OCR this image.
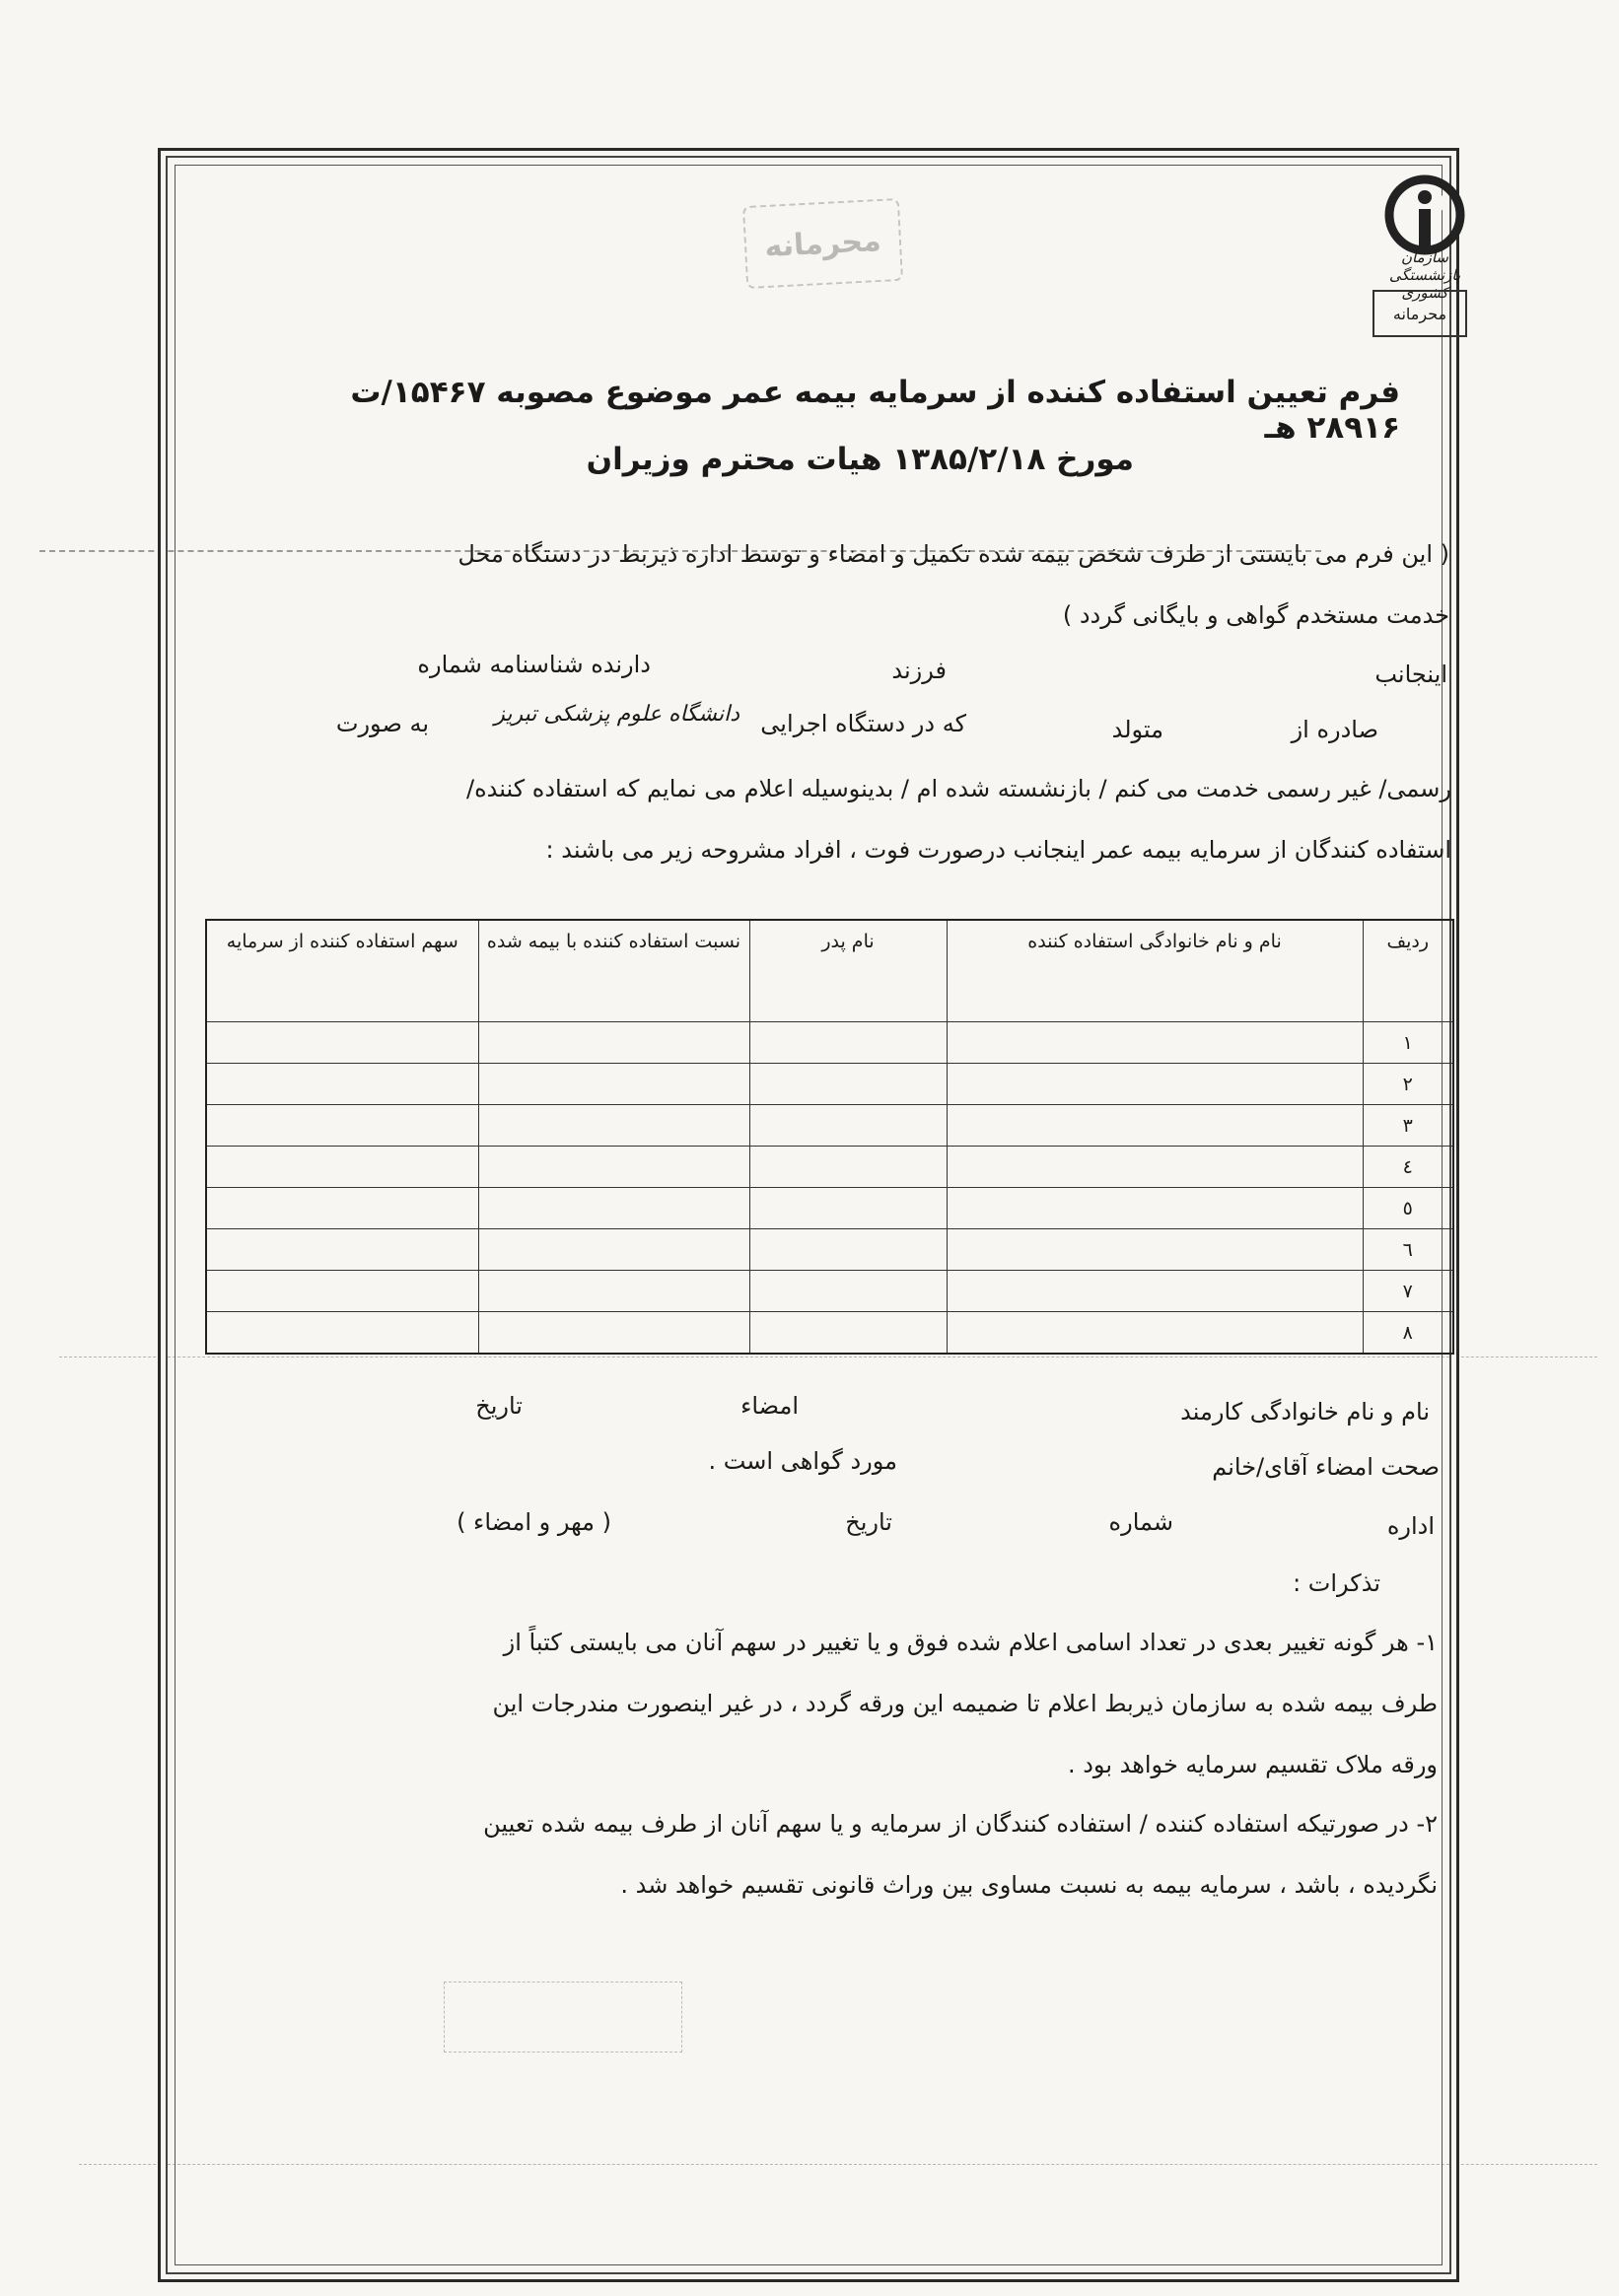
سازمان بازنشستگی کشوری
محرمانه
محرمانه
فرم تعیین استفاده کننده از سرمایه بیمه عمر موضوع مصوبه ۱۵۴۶۷/ت ۲۸۹۱۶ هـ
مورخ ۱۳۸۵/۲/۱۸ هیات محترم وزیران
( این فرم می بایستی از طرف شخص بیمه شده تکمیل و امضاء و توسط اداره ذیربط در دستگاه محل
خدمت مستخدم گواهی و بایگانی گردد )
اینجانب
فرزند
دارنده شناسنامه شماره
صادره از
متولد
که در دستگاه اجرایی
دانشگاه علوم پزشکی تبریز
به صورت
رسمی/ غیر رسمی خدمت می کنم / بازنشسته شده ام / بدینوسیله اعلام می نمایم که استفاده کننده/
استفاده کنندگان از سرمایه بیمه عمر اینجانب درصورت فوت ، افراد مشروحه زیر می باشند :
ردیف	نام و نام خانوادگی استفاده کننده	نام پدر	نسبت استفاده کننده با بیمه شده	سهم استفاده کننده از سرمایه
۱				
۲				
۳				
٤				
٥				
٦				
۷				
۸				
نام و نام خانوادگی کارمند
امضاء
تاریخ
صحت امضاء آقای/خانم
مورد گواهی است .
اداره
شماره
تاریخ
( مهر و امضاء )
تذکرات :
۱- هر گونه تغییر بعدی در تعداد اسامی اعلام شده فوق و یا تغییر در سهم آنان می بایستی کتباً از
طرف بیمه شده به سازمان ذیربط اعلام تا ضمیمه این ورقه گردد ، در غیر اینصورت مندرجات این
ورقه ملاک تقسیم سرمایه خواهد بود .
۲- در صورتیکه استفاده کننده / استفاده کنندگان از سرمایه و یا سهم آنان از طرف بیمه شده تعیین
نگردیده ، باشد ، سرمایه بیمه به نسبت مساوی بین وراث قانونی تقسیم خواهد شد .
